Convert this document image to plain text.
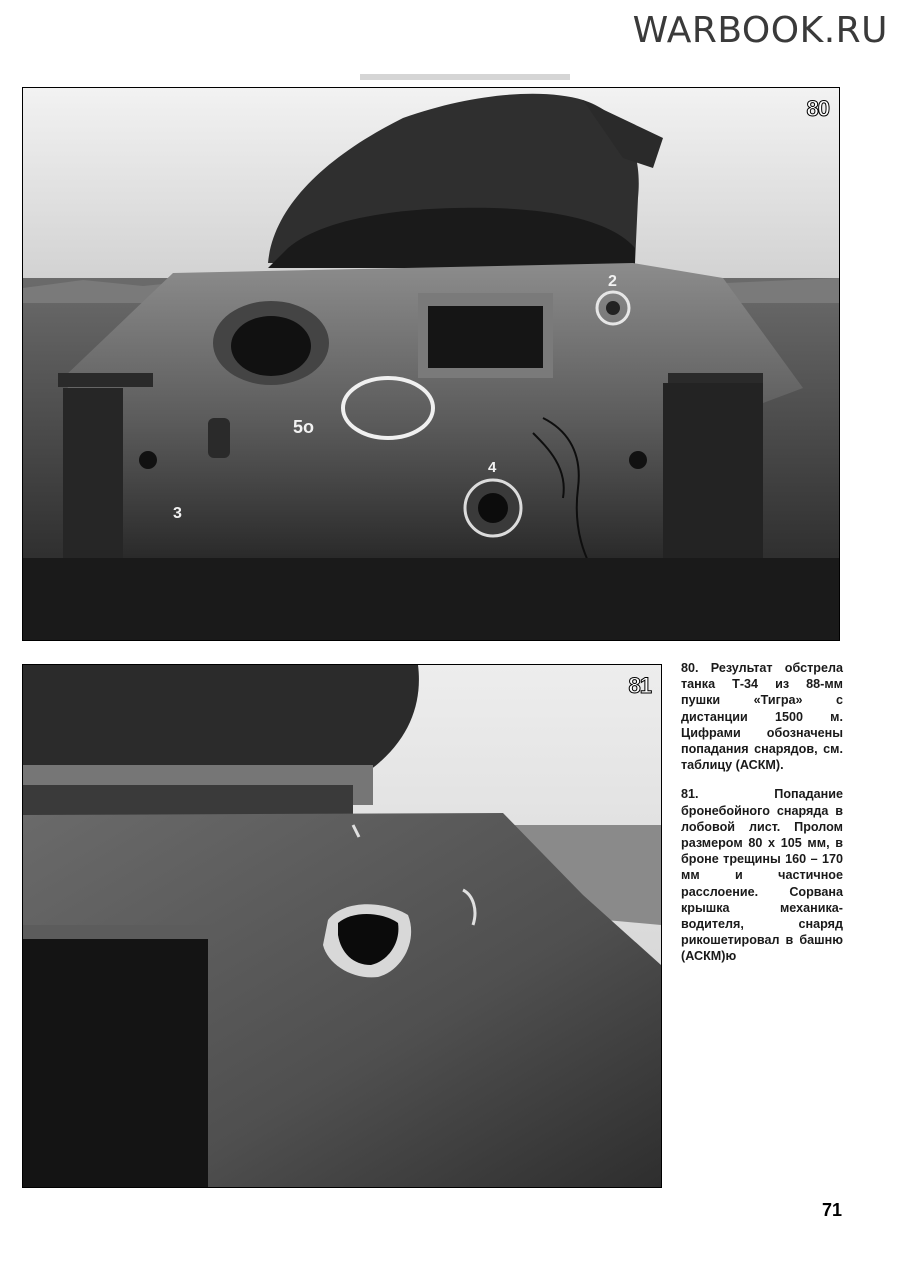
WARBOOK.RU
2
3
4
5o
80
81

80. Результат обстрела танка Т-34 из 88-мм пушки «Тигра» с дистанции 1500 м. Цифрами обозначены попадания снарядов, см. таблицу (АСКМ).

81. Попадание бронебойного снаряда в лобовой лист. Пролом размером 80 х 105 мм, в броне трещины 160 – 170 мм и частичное расслоение. Сорвана крышка механика-водителя, снаряд рикошетировал в башню (АСКМ)ю

71
